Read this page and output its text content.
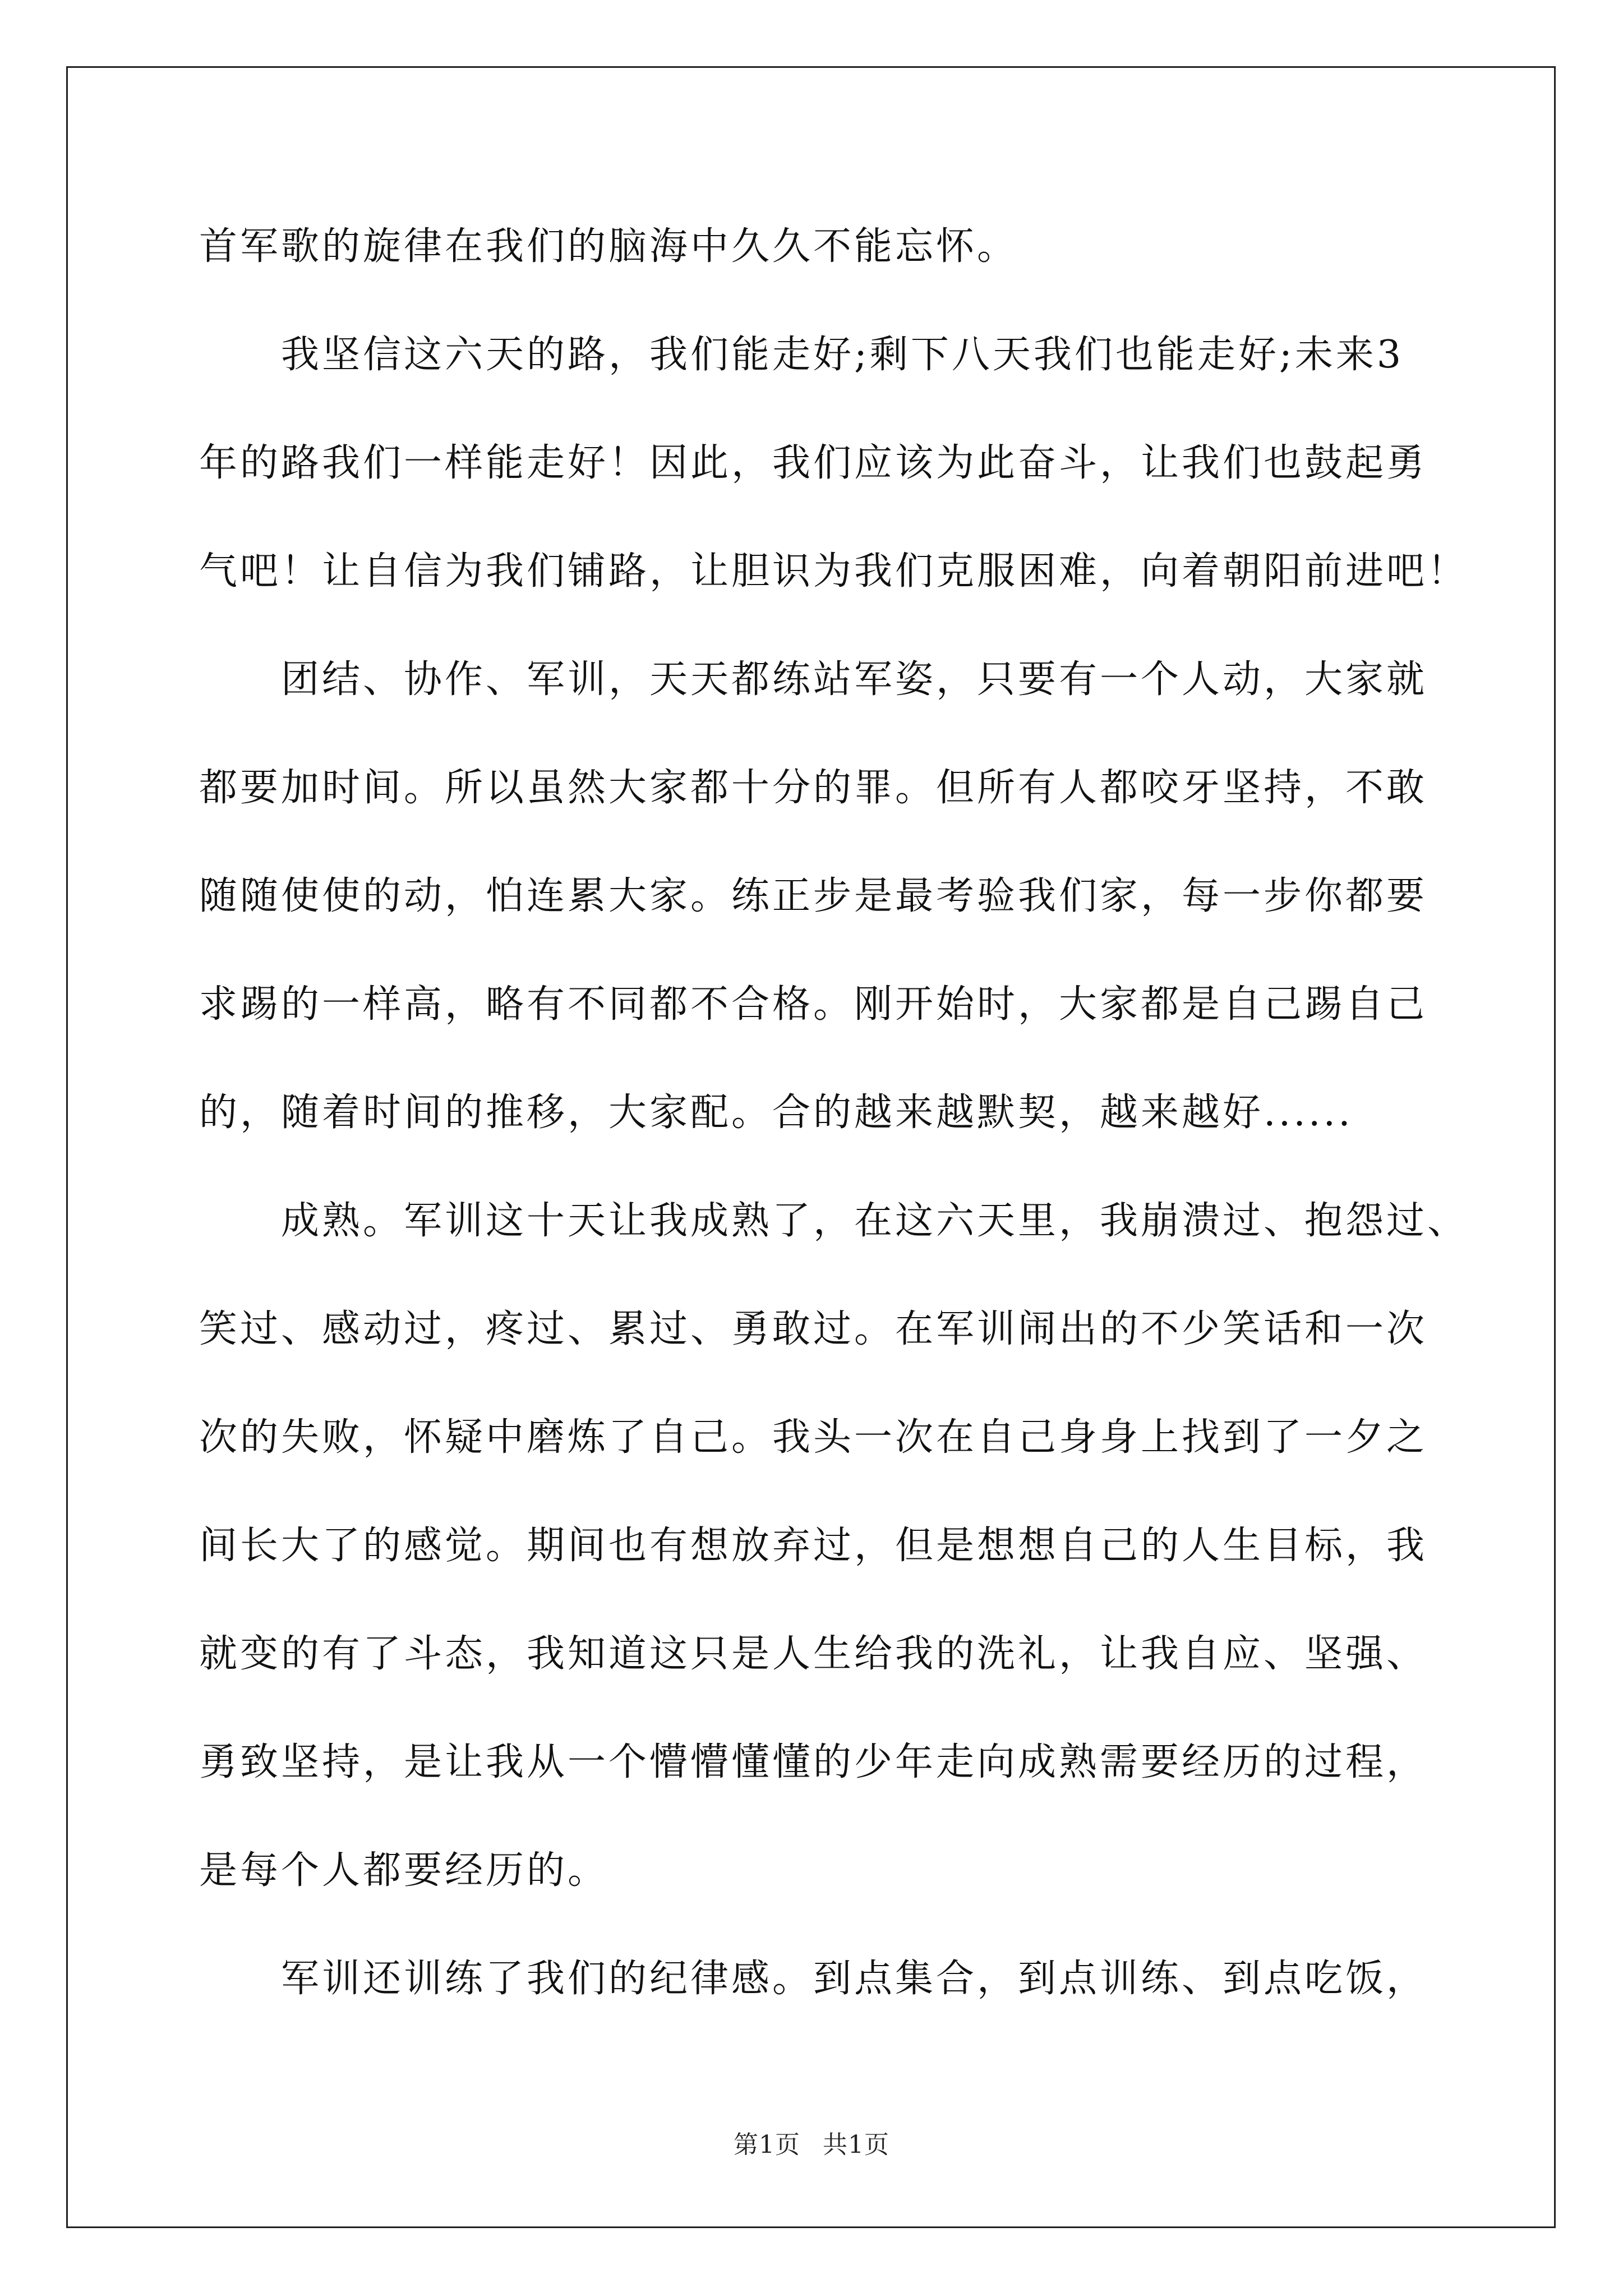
首军歌的旋律在我们的脑海中久久不能忘怀。
　　我坚信这六天的路，我们能走好;剩下八天我们也能走好;未来3
年的路我们一样能走好！因此，我们应该为此奋斗，让我们也鼓起勇
气吧！让自信为我们铺路，让胆识为我们克服困难，向着朝阳前进吧！
　　团结、协作、军训，天天都练站军姿，只要有一个人动，大家就
都要加时间。所以虽然大家都十分的罪。但所有人都咬牙坚持，不敢
随随使使的动，怕连累大家。练正步是最考验我们家，每一步你都要
求踢的一样高，略有不同都不合格。刚开始时，大家都是自己踢自己
的，随着时间的推移，大家配。合的越来越默契，越来越好......
　　成熟。军训这十天让我成熟了，在这六天里，我崩溃过、抱怨过、
笑过、感动过，疼过、累过、勇敢过。在军训闹出的不少笑话和一次
次的失败，怀疑中磨炼了自己。我头一次在自己身身上找到了一夕之
间长大了的感觉。期间也有想放弃过，但是想想自己的人生目标，我
就变的有了斗态，我知道这只是人生给我的洗礼，让我自应、坚强、
勇致坚持，是让我从一个懵懵懂懂的少年走向成熟需要经历的过程，
是每个人都要经历的。
　　军训还训练了我们的纪律感。到点集合，到点训练、到点吃饭，
第1页 共1页
